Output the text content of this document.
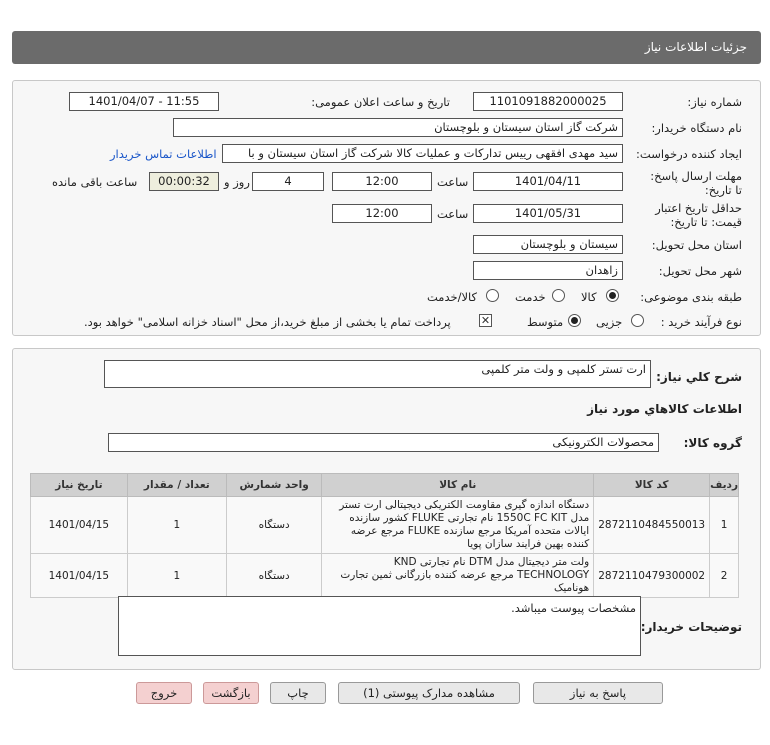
جزئیات اطلاعات نیاز
شماره نیاز:
1101091882000025
تاریخ و ساعت اعلان عمومی:
1401/04/07 - 11:55
نام دستگاه خریدار:
شرکت گاز استان سیستان و بلوچستان
ایجاد کننده درخواست:
سید مهدی افقهی رییس تدارکات و عملیات کالا شرکت گاز استان سیستان و با
اطلاعات تماس خریدار
مهلت ارسال پاسخ: تا تاریخ:
1401/04/11
ساعت
12:00
4
روز و
00:00:32
ساعت باقی مانده
حداقل تاریخ اعتبار قیمت: تا تاریخ:
1401/05/31
ساعت
12:00
استان محل تحویل:
سیستان و بلوچستان
شهر محل تحویل:
زاهدان
طبقه بندی موضوعی:
کالا
خدمت
کالا/خدمت
نوع فرآیند خرید :
جزیی
متوسط
✕
پرداخت تمام یا بخشی از مبلغ خرید،از محل "اسناد خزانه اسلامی" خواهد بود.
شرح کلي نياز:
ارت تستر کلمپی و ولت متر کلمپی
اطلاعات کالاهاي مورد نياز
گروه کالا:
محصولات الکترونیکی
ردیف	کد کالا	نام کالا	واحد شمارش	تعداد / مقدار	تاریخ نیاز
1	2872110484550013	دستگاه اندازه گیری مقاومت الکتریکی دیجیتالی ارت تستر مدل 1550C FC KIT نام تجارتی FLUKE کشور سازنده ایالات متحده آمریکا مرجع سازنده FLUKE مرجع عرضه کننده بهین فرایند سازان پویا	دستگاه	1	1401/04/15
2	2872110479300002	ولت متر دیجیتال مدل DTM نام تجارتی KND TECHNOLOGY مرجع عرضه کننده بازرگانی ثمین تجارت هونامیک	دستگاه	1	1401/04/15
توضیحات خریدار:
مشخصات پیوست میباشد.
پاسخ به نیاز
مشاهده مدارک پیوستی (1)
چاپ
بازگشت
خروج
